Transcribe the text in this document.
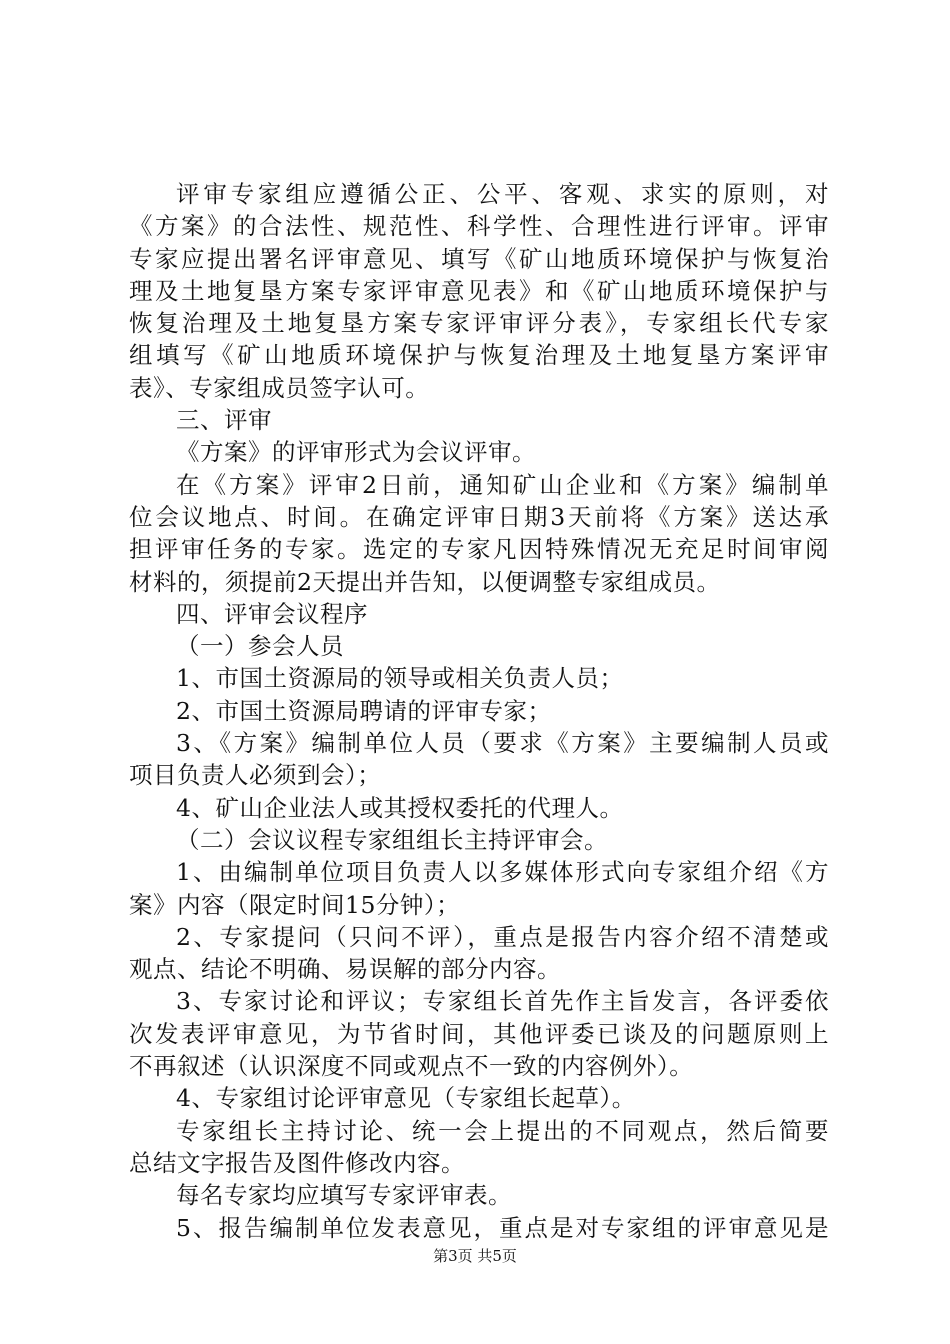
评审专家组应遵循公正、公平、客观、求实的原则，对
《方案》的合法性、规范性、科学性、合理性进行评审。评审
专家应提出署名评审意见、填写《矿山地质环境保护与恢复治
理及土地复垦方案专家评审意见表》和《矿山地质环境保护与
恢复治理及土地复垦方案专家评审评分表》，专家组长代专家
组填写《矿山地质环境保护与恢复治理及土地复垦方案评审
表》、专家组成员签字认可。
三、评审
《方案》的评审形式为会议评审。
在《方案》评审2日前，通知矿山企业和《方案》编制单
位会议地点、时间。在确定评审日期3天前将《方案》送达承
担评审任务的专家。选定的专家凡因特殊情况无充足时间审阅
材料的，须提前2天提出并告知，以便调整专家组成员。
四、评审会议程序
（一）参会人员
1、市国土资源局的领导或相关负责人员；
2、市国土资源局聘请的评审专家；
3、《方案》编制单位人员（要求《方案》主要编制人员或
项目负责人必须到会）；
4、矿山企业法人或其授权委托的代理人。
（二）会议议程专家组组长主持评审会。
1、由编制单位项目负责人以多媒体形式向专家组介绍《方
案》内容（限定时间15分钟）；
2、专家提问（只问不评），重点是报告内容介绍不清楚或
观点、结论不明确、易误解的部分内容。
3、专家讨论和评议；专家组长首先作主旨发言，各评委依
次发表评审意见，为节省时间，其他评委已谈及的问题原则上
不再叙述（认识深度不同或观点不一致的内容例外）。
4、专家组讨论评审意见（专家组长起草）。
专家组长主持讨论、统一会上提出的不同观点，然后简要
总结文字报告及图件修改内容。
每名专家均应填写专家评审表。
5、报告编制单位发表意见，重点是对专家组的评审意见是
第3页 共5页
